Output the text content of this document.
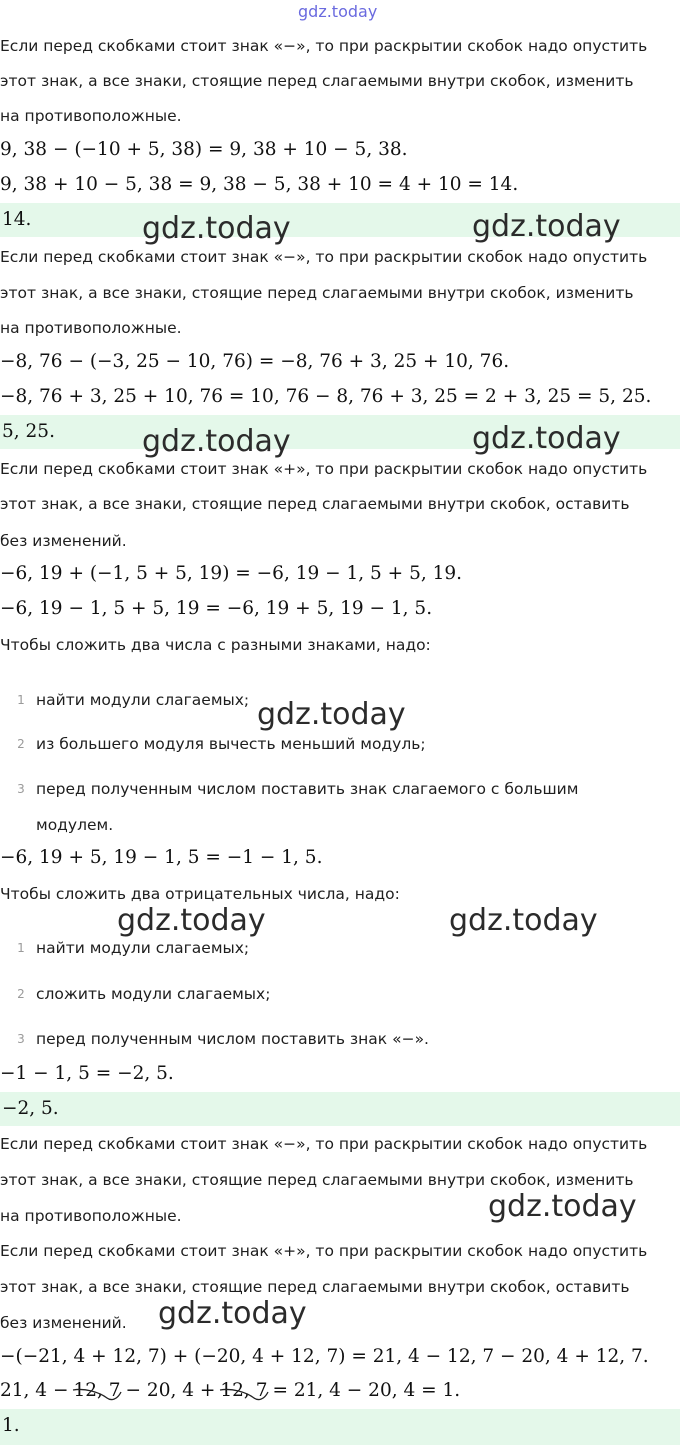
gdz.today
Если перед скобками стоит знак «−», то при раскрытии скобок надо опустить
этот знак, а все знаки, стоящие перед слагаемыми внутри скобок, изменить
на противоположные.
9, 38 − (−10 + 5, 38) = 9, 38 + 10 − 5, 38.
9, 38 + 10 − 5, 38 = 9, 38 − 5, 38 + 10 = 4 + 10 = 14.
14.	gdz.today	gdz.today
Если перед скобками стоит знак «−», то при раскрытии скобок надо опустить
этот знак, а все знаки, стоящие перед слагаемыми внутри скобок, изменить
на противоположные.
−8, 76 − (−3, 25 − 10, 76) = −8, 76 + 3, 25 + 10, 76.
−8, 76 + 3, 25 + 10, 76 = 10, 76 − 8, 76 + 3, 25 = 2 + 3, 25 = 5, 25.
5, 25.	gdz.today	gdz.today
Если перед скобками стоит знак «+», то при раскрытии скобок надо опустить
этот знак, а все знаки, стоящие перед слагаемыми внутри скобок, оставить
без изменений.
−6, 19 + (−1, 5 + 5, 19) = −6, 19 − 1, 5 + 5, 19.
−6, 19 − 1, 5 + 5, 19 = −6, 19 + 5, 19 − 1, 5.
Чтобы сложить два числа с разными знаками, надо:
1 найти модули слагаемых; gdz.today
2 из большего модуля вычесть меньший модуль;
3 перед полученным числом поставить знак слагаемого с большим
модулем.
−6, 19 + 5, 19 − 1, 5 = −1 − 1, 5.
Чтобы сложить два отрицательных числа, надо:
gdz.today	gdz.today
1 найти модули слагаемых;
2 сложить модули слагаемых;
3 перед полученным числом поставить знак «−».
−1 − 1, 5 = −2, 5.
−2, 5.
Если перед скобками стоит знак «−», то при раскрытии скобок надо опустить
этот знак, а все знаки, стоящие перед слагаемыми внутри скобок, изменить
на противоположные.	gdz.today
Если перед скобками стоит знак «+», то при раскрытии скобок надо опустить
этот знак, а все знаки, стоящие перед слагаемыми внутри скобок, оставить
без изменений. gdz.today
−(−21, 4 + 12, 7) + (−20, 4 + 12, 7) = 21, 4 − 12, 7 − 20, 4 + 12, 7.
21, 4 − 12, 7 − 20, 4 + 12, 7 = 21, 4 − 20, 4 = 1.
1.
